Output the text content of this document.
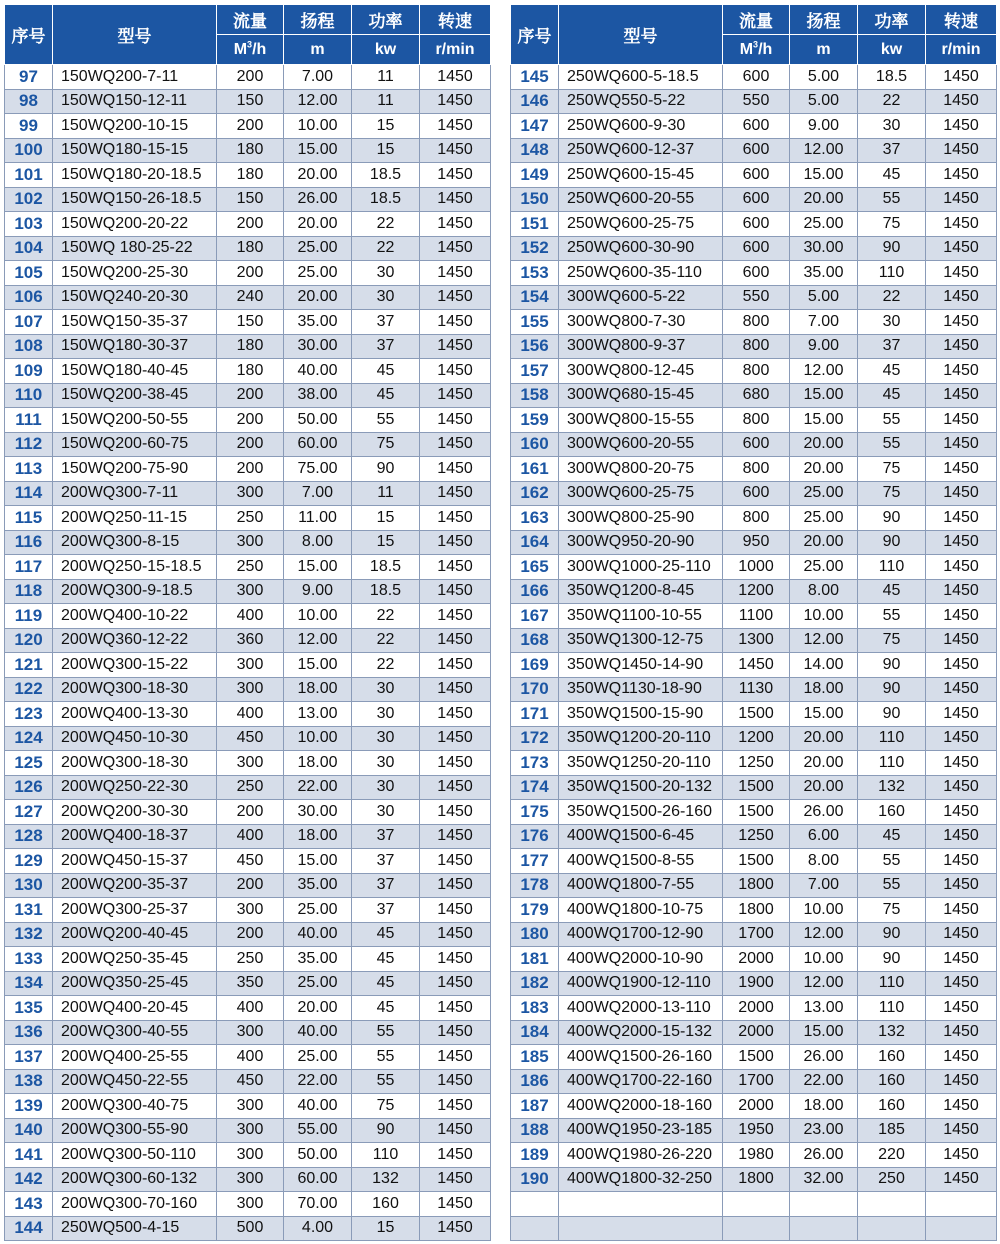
序号	型号	流量	扬程	功率	转速
		$M^3/h$	m	kw	r/min
97	150WQ200-7-11	200	7.00	11	1450
98	150WQ150-12-11	150	12.00	11	1450
99	150WQ200-10-15	200	10.00	15	1450
100	150WQ180-15-15	180	15.00	15	1450
101	150WQ180-20-18.5	180	20.00	18.5	1450
102	150WQ150-26-18.5	150	26.00	18.5	1450
103	150WQ200-20-22	200	20.00	22	1450
104	150WQ 180-25-22	180	25.00	22	1450
105	150WQ200-25-30	200	25.00	30	1450
106	150WQ240-20-30	240	20.00	30	1450
107	150WQ150-35-37	150	35.00	37	1450
108	150WQ180-30-37	180	30.00	37	1450
109	150WQ180-40-45	180	40.00	45	1450
110	150WQ200-38-45	200	38.00	45	1450
111	150WQ200-50-55	200	50.00	55	1450
112	150WQ200-60-75	200	60.00	75	1450
113	150WQ200-75-90	200	75.00	90	1450
114	200WQ300-7-11	300	7.00	11	1450
115	200WQ250-11-15	250	11.00	15	1450
116	200WQ300-8-15	300	8.00	15	1450
117	200WQ250-15-18.5	250	15.00	18.5	1450
118	200WQ300-9-18.5	300	9.00	18.5	1450
119	200WQ400-10-22	400	10.00	22	1450
120	200WQ360-12-22	360	12.00	22	1450
121	200WQ300-15-22	300	15.00	22	1450
122	200WQ300-18-30	300	18.00	30	1450
123	200WQ400-13-30	400	13.00	30	1450
124	200WQ450-10-30	450	10.00	30	1450
125	200WQ300-18-30	300	18.00	30	1450
126	200WQ250-22-30	250	22.00	30	1450
127	200WQ200-30-30	200	30.00	30	1450
128	200WQ400-18-37	400	18.00	37	1450
129	200WQ450-15-37	450	15.00	37	1450
130	200WQ200-35-37	200	35.00	37	1450
131	200WQ300-25-37	300	25.00	37	1450
132	200WQ200-40-45	200	40.00	45	1450
133	200WQ250-35-45	250	35.00	45	1450
134	200WQ350-25-45	350	25.00	45	1450
135	200WQ400-20-45	400	20.00	45	1450
136	200WQ300-40-55	300	40.00	55	1450
137	200WQ400-25-55	400	25.00	55	1450
138	200WQ450-22-55	450	22.00	55	1450
139	200WQ300-40-75	300	40.00	75	1450
140	200WQ300-55-90	300	55.00	90	1450
141	200WQ300-50-110	300	50.00	110	1450
142	200WQ300-60-132	300	60.00	132	1450
143	200WQ300-70-160	300	70.00	160	1450
144	250WQ500-4-15	500	4.00	15	1450
序号	型号	流量	扬程	功率	转速
		$M^3/h$	m	kw	r/min
145	250WQ600-5-18.5	600	5.00	18.5	1450
146	250WQ550-5-22	550	5.00	22	1450
147	250WQ600-9-30	600	9.00	30	1450
148	250WQ600-12-37	600	12.00	37	1450
149	250WQ600-15-45	600	15.00	45	1450
150	250WQ600-20-55	600	20.00	55	1450
151	250WQ600-25-75	600	25.00	75	1450
152	250WQ600-30-90	600	30.00	90	1450
153	250WQ600-35-110	600	35.00	110	1450
154	300WQ600-5-22	550	5.00	22	1450
155	300WQ800-7-30	800	7.00	30	1450
156	300WQ800-9-37	800	9.00	37	1450
157	300WQ800-12-45	800	12.00	45	1450
158	300WQ680-15-45	680	15.00	45	1450
159	300WQ800-15-55	800	15.00	55	1450
160	300WQ600-20-55	600	20.00	55	1450
161	300WQ800-20-75	800	20.00	75	1450
162	300WQ600-25-75	600	25.00	75	1450
163	300WQ800-25-90	800	25.00	90	1450
164	300WQ950-20-90	950	20.00	90	1450
165	300WQ1000-25-110	1000	25.00	110	1450
166	350WQ1200-8-45	1200	8.00	45	1450
167	350WQ1100-10-55	1100	10.00	55	1450
168	350WQ1300-12-75	1300	12.00	75	1450
169	350WQ1450-14-90	1450	14.00	90	1450
170	350WQ1130-18-90	1130	18.00	90	1450
171	350WQ1500-15-90	1500	15.00	90	1450
172	350WQ1200-20-110	1200	20.00	110	1450
173	350WQ1250-20-110	1250	20.00	110	1450
174	350WQ1500-20-132	1500	20.00	132	1450
175	350WQ1500-26-160	1500	26.00	160	1450
176	400WQ1500-6-45	1250	6.00	45	1450
177	400WQ1500-8-55	1500	8.00	55	1450
178	400WQ1800-7-55	1800	7.00	55	1450
179	400WQ1800-10-75	1800	10.00	75	1450
180	400WQ1700-12-90	1700	12.00	90	1450
181	400WQ2000-10-90	2000	10.00	90	1450
182	400WQ1900-12-110	1900	12.00	110	1450
183	400WQ2000-13-110	2000	13.00	110	1450
184	400WQ2000-15-132	2000	15.00	132	1450
185	400WQ1500-26-160	1500	26.00	160	1450
186	400WQ1700-22-160	1700	22.00	160	1450
187	400WQ2000-18-160	2000	18.00	160	1450
188	400WQ1950-23-185	1950	23.00	185	1450
189	400WQ1980-26-220	1980	26.00	220	1450
190	400WQ1800-32-250	1800	32.00	250	1450
